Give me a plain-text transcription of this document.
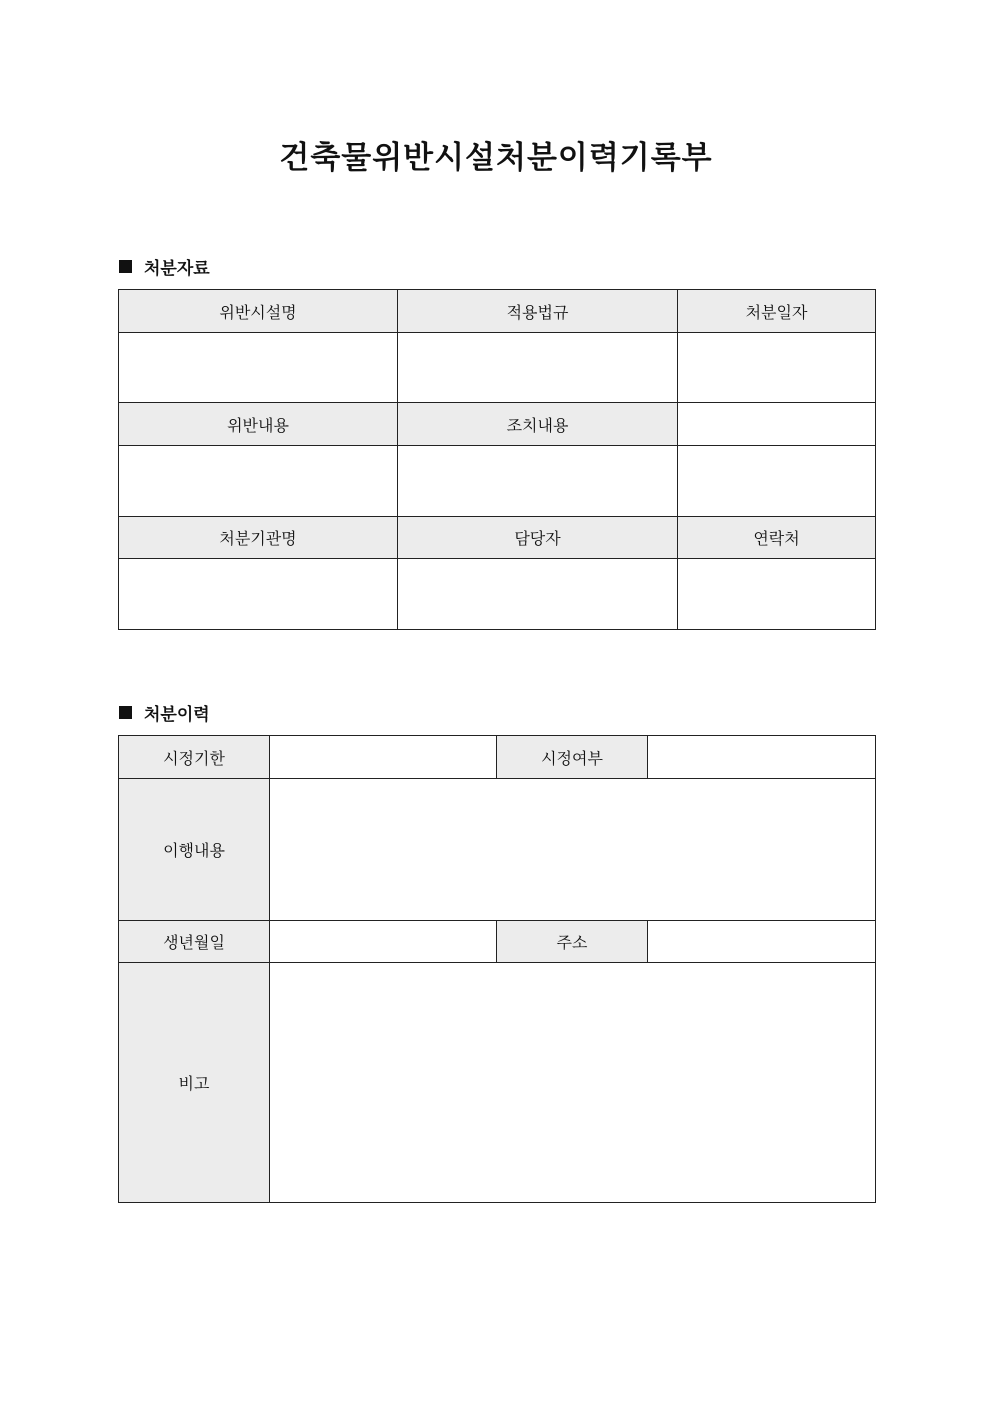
건축물위반시설처분이력기록부
처분자료
위반시설명	적용법규	처분일자

위반내용	조치내용	

처분기관명	담당자	연락처

처분이력
시정기한		시정여부	
이행내용			
생년월일		주소	
비고			
